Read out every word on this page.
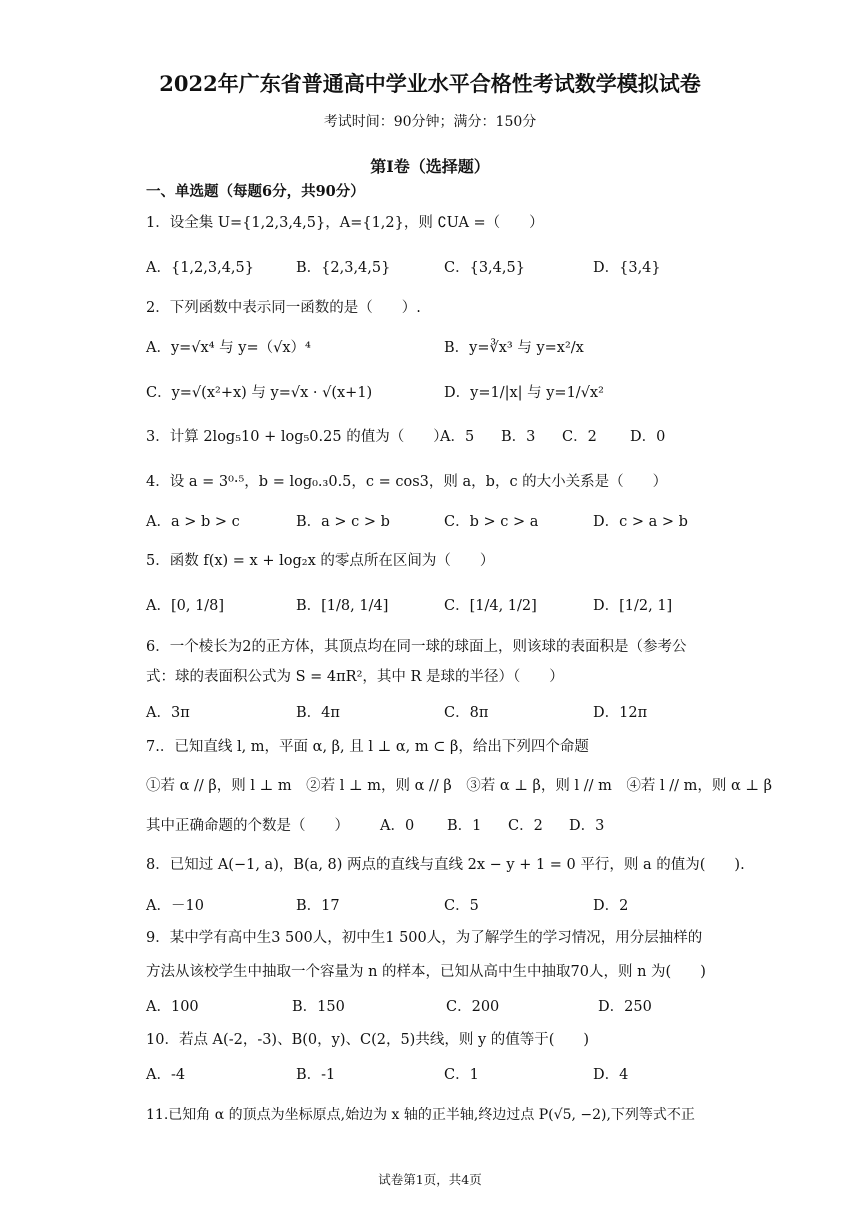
2022年广东省普通高中学业水平合格性考试数学模拟试卷
考试时间：90分钟；满分：150分
第Ⅰ卷（选择题）
一、单选题（每题6分，共90分）
1．设全集 U={1,2,3,4,5}，A={1,2}，则 ∁UA =（　　）
A．{1,2,3,4,5}	B．{2,3,4,5}	C．{3,4,5}	D．{3,4}
2．下列函数中表示同一函数的是（　　）.
A．y=√x⁴ 与 y=（√x）⁴	B．y=∛x³ 与 y=x²/x
C．y=√(x²+x) 与 y=√x · √(x+1)	D．y=1/|x| 与 y=1/√x²
3．计算 2log₅10 + log₅0.25 的值为（　　）
A．5 B．3 C．2 D．0
4．设 a = 3⁰·⁵，b = log₀.₃0.5，c = cos3，则 a，b，c 的大小关系是（　　）
A．a > b > c	B．a > c > b	C．b > c > a	D．c > a > b
5．函数 f(x) = x + log₂x 的零点所在区间为（　　）
A．[0, 1/8]	B．[1/8, 1/4]	C．[1/4, 1/2]	D．[1/2, 1]
6．一个棱长为2的正方体，其顶点均在同一球的球面上，则该球的表面积是（参考公
式：球的表面积公式为 S = 4πR²，其中 R 是球的半径）（　　）
A．3π	B．4π	C．8π	D．12π
7.．已知直线 l, m，平面 α, β, 且 l ⊥ α, m ⊂ β，给出下列四个命题
①若 α // β，则 l ⊥ m　②若 l ⊥ m，则 α // β　③若 α ⊥ β，则 l // m　④若 l // m，则 α ⊥ β
其中正确命题的个数是（　　） A．0 B．1 C．2 D．3
8．已知过 A(−1, a)，B(a, 8) 两点的直线与直线 2x − y + 1 = 0 平行，则 a 的值为(　　).
A．－10	B．17	C．5	D．2
9．某中学有高中生3 500人，初中生1 500人，为了解学生的学习情况，用分层抽样的
方法从该校学生中抽取一个容量为 n 的样本，已知从高中生中抽取70人，则 n 为(　　)
A．100	B．150	C．200	D．250
10．若点 A(-2，-3)、B(0，y)、C(2，5)共线，则 y 的值等于(　　)
A．-4	B．-1	C．1	D．4
11.已知角 α 的顶点为坐标原点,始边为 x 轴的正半轴,终边过点 P(√5, −2),下列等式不正
试卷第1页，共4页
